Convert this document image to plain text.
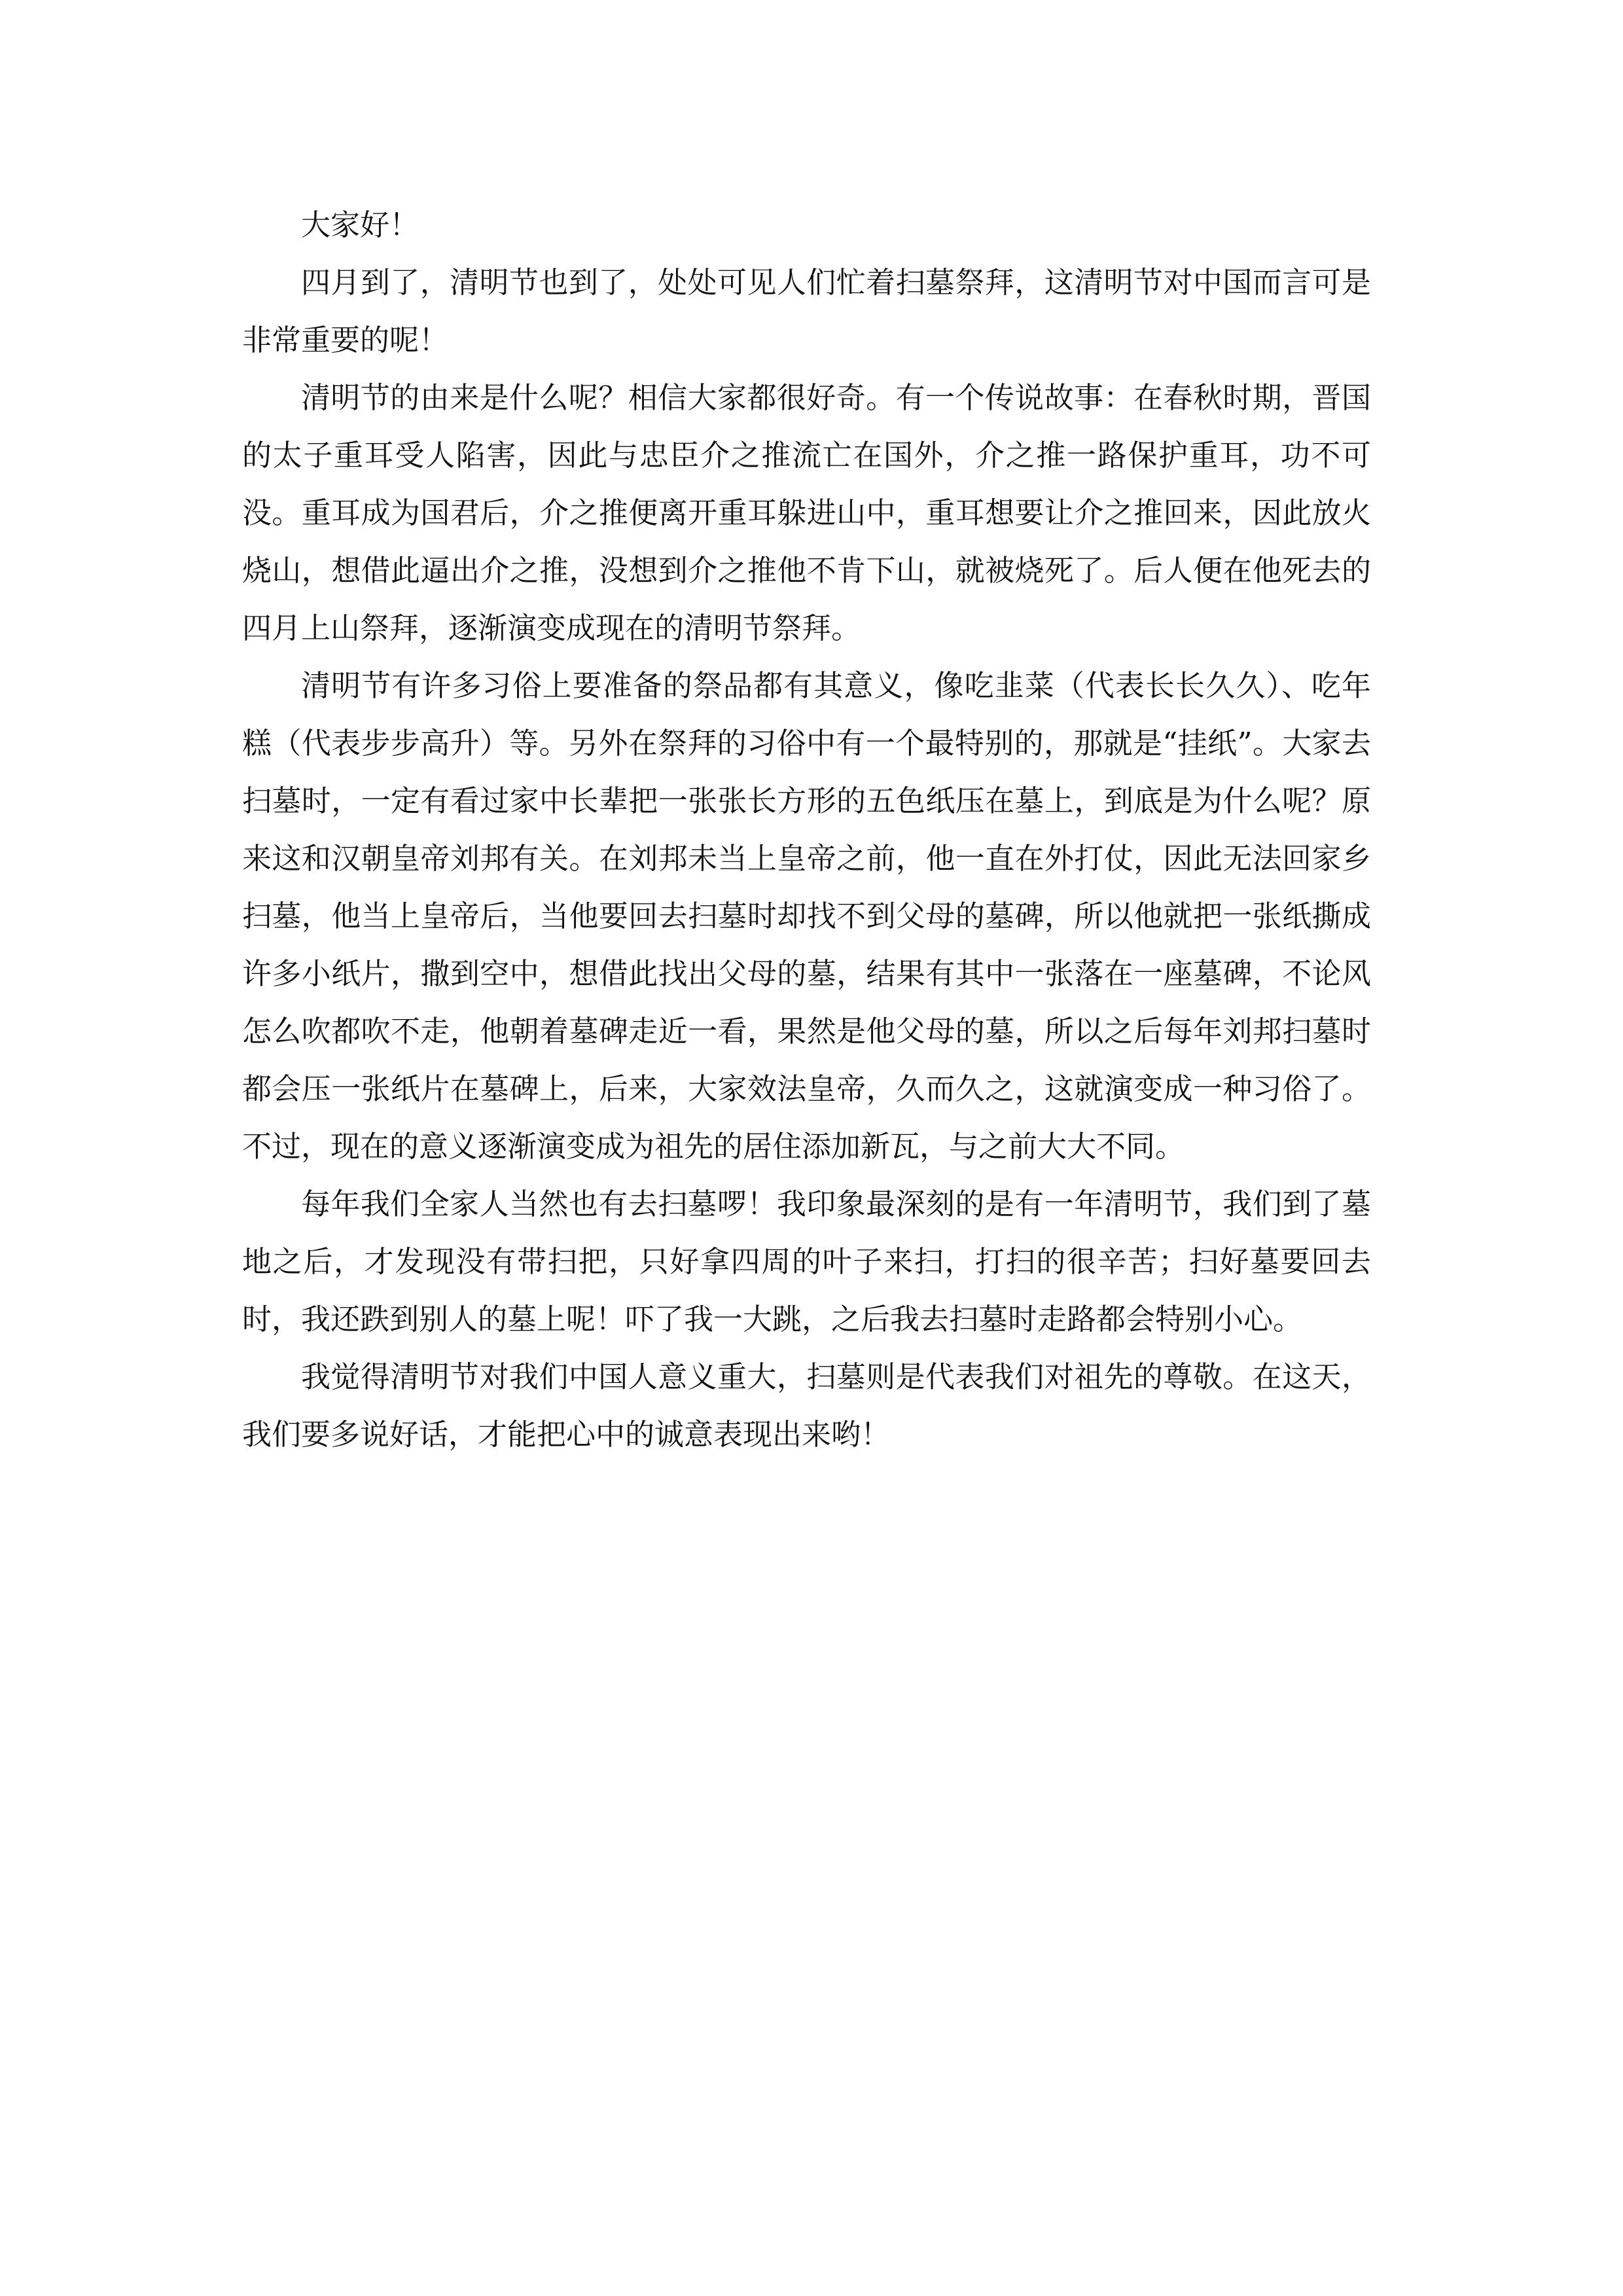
大家好！

四月到了，清明节也到了，处处可见人们忙着扫墓祭拜，这清明节对中国而言可是非常重要的呢！

清明节的由来是什么呢？相信大家都很好奇。有一个传说故事：在春秋时期，晋国的太子重耳受人陷害，因此与忠臣介之推流亡在国外，介之推一路保护重耳，功不可没。重耳成为国君后，介之推便离开重耳躲进山中，重耳想要让介之推回来，因此放火烧山，想借此逼出介之推，没想到介之推他不肯下山，就被烧死了。后人便在他死去的四月上山祭拜，逐渐演变成现在的清明节祭拜。

清明节有许多习俗上要准备的祭品都有其意义，像吃韭菜（代表长长久久）、吃年糕（代表步步高升）等。另外在祭拜的习俗中有一个最特别的，那就是“挂纸”。大家去扫墓时，一定有看过家中长辈把一张张长方形的五色纸压在墓上，到底是为什么呢？原来这和汉朝皇帝刘邦有关。在刘邦未当上皇帝之前，他一直在外打仗，因此无法回家乡扫墓，他当上皇帝后，当他要回去扫墓时却找不到父母的墓碑，所以他就把一张纸撕成许多小纸片，撒到空中，想借此找出父母的墓，结果有其中一张落在一座墓碑，不论风怎么吹都吹不走，他朝着墓碑走近一看，果然是他父母的墓，所以之后每年刘邦扫墓时都会压一张纸片在墓碑上，后来，大家效法皇帝，久而久之，这就演变成一种习俗了。不过，现在的意义逐渐演变成为祖先的居住添加新瓦，与之前大大不同。

每年我们全家人当然也有去扫墓啰！我印象最深刻的是有一年清明节，我们到了墓地之后，才发现没有带扫把，只好拿四周的叶子来扫，打扫的很辛苦；扫好墓要回去时，我还跌到别人的墓上呢！吓了我一大跳，之后我去扫墓时走路都会特别小心。

我觉得清明节对我们中国人意义重大，扫墓则是代表我们对祖先的尊敬。在这天，我们要多说好话，才能把心中的诚意表现出来哟！
